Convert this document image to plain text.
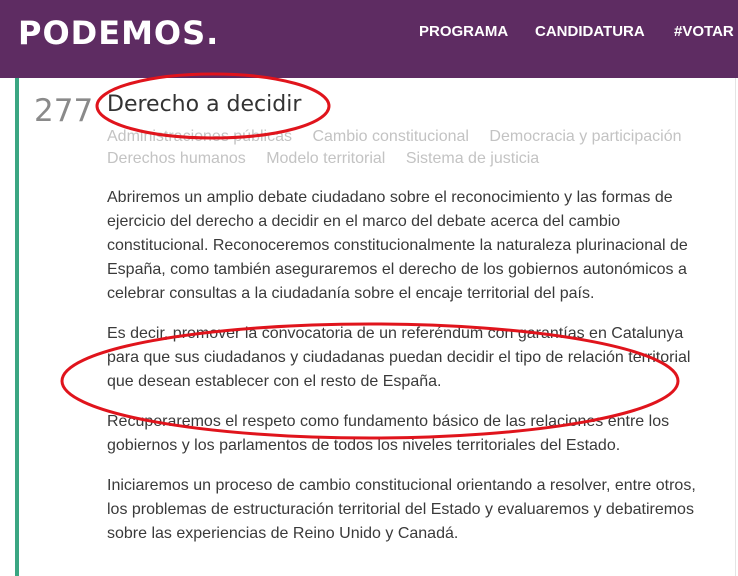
PODEMOS.	PROGRAMA CANDIDATURA #VOTAR
277 Derecho a decidir
Administraciones públicas Cambio constitucional Democracia y participación Derechos humanos Modelo territorial Sistema de justicia

Abriremos un amplio debate ciudadano sobre el reconocimiento y las formas de ejercicio del derecho a decidir en el marco del debate acerca del cambio constitucional. Reconoceremos constitucionalmente la naturaleza plurinacional de España, como también aseguraremos el derecho de los gobiernos autonómicos a celebrar consultas a la ciudadanía sobre el encaje territorial del país.

Es decir, promover la convocatoria de un referéndum con garantías en Catalunya para que sus ciudadanos y ciudadanas puedan decidir el tipo de relación territorial que desean establecer con el resto de España.

Recuperaremos el respeto como fundamento básico de las relaciones entre los gobiernos y los parlamentos de todos los niveles territoriales del Estado.

Iniciaremos un proceso de cambio constitucional orientando a resolver, entre otros, los problemas de estructuración territorial del Estado y evaluaremos y debatiremos sobre las experiencias de Reino Unido y Canadá.
